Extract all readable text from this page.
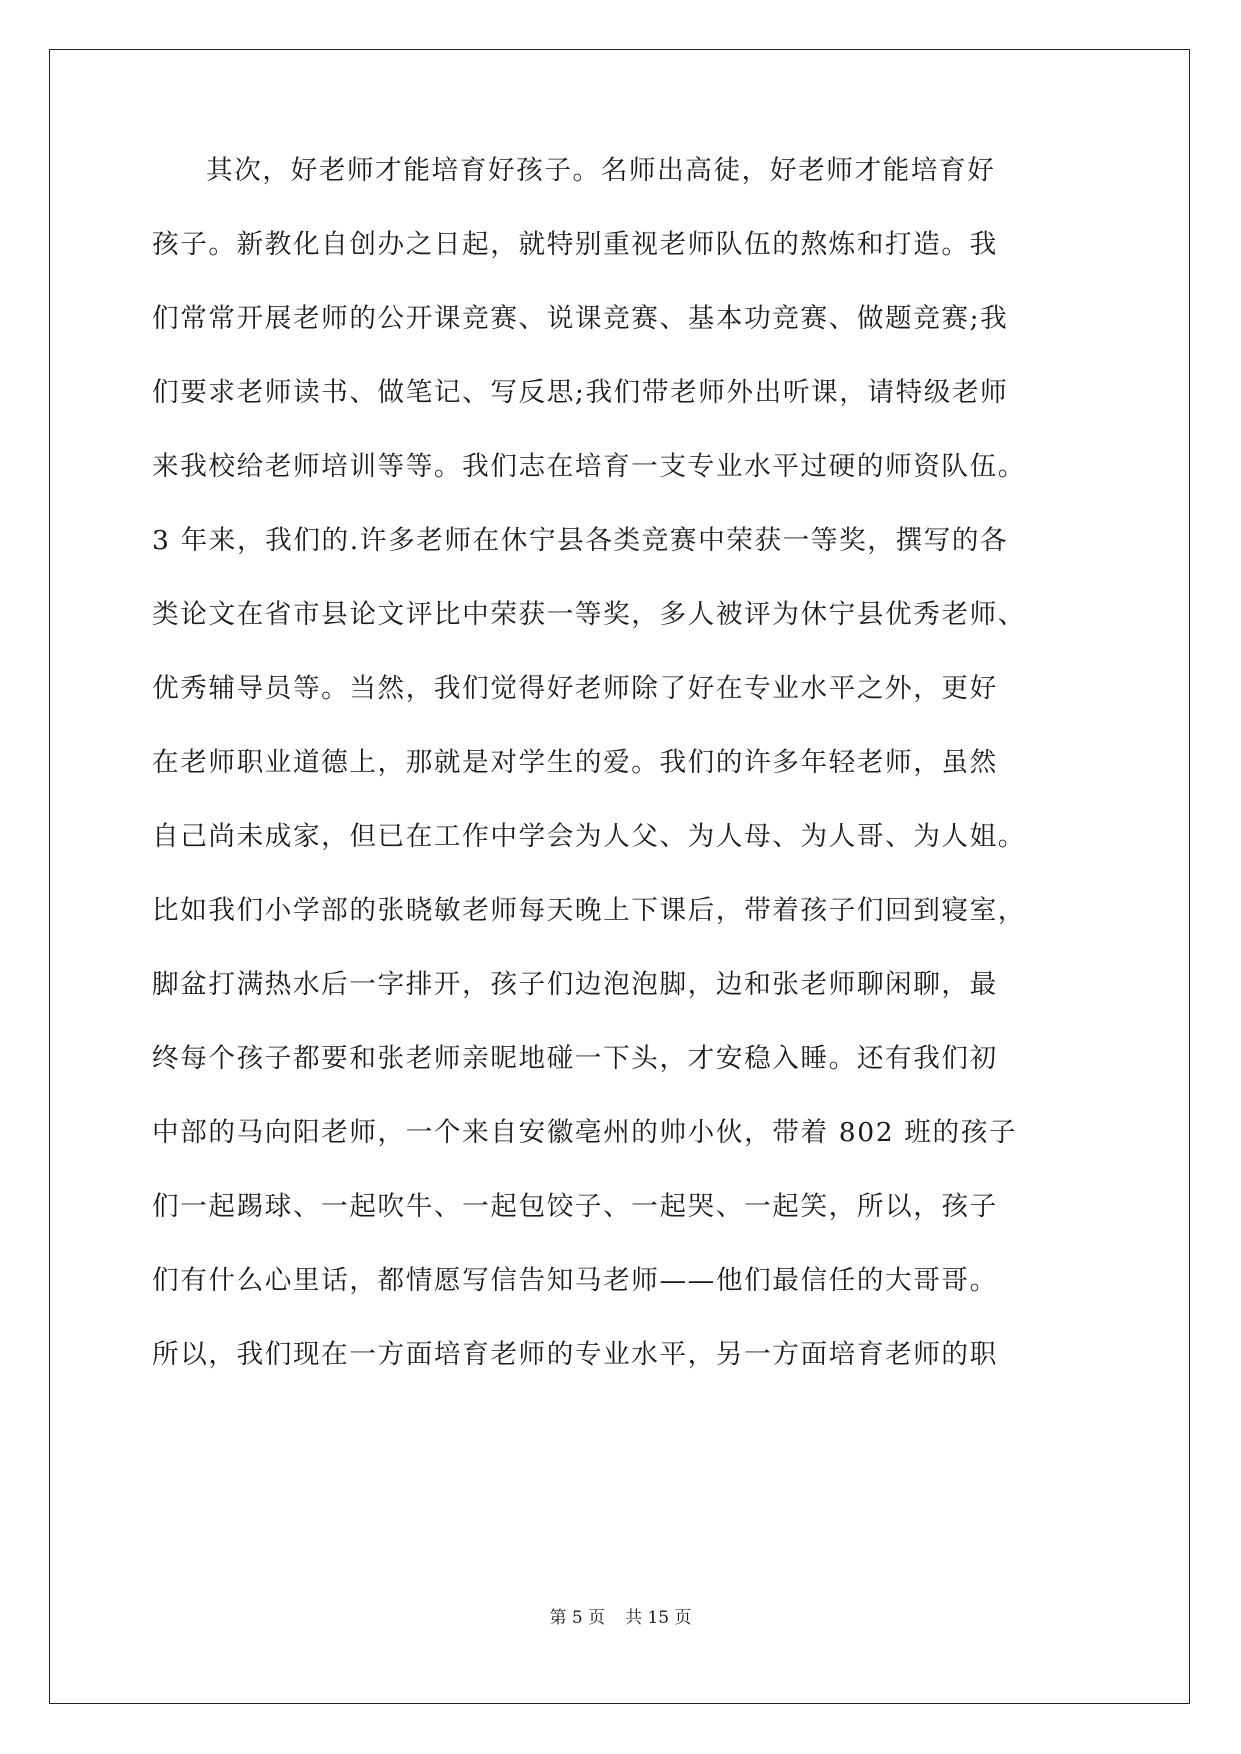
其次，好老师才能培育好孩子。名师出高徒，好老师才能培育好
孩子。新教化自创办之日起，就特别重视老师队伍的熬炼和打造。我
们常常开展老师的公开课竞赛、说课竞赛、基本功竞赛、做题竞赛;我
们要求老师读书、做笔记、写反思;我们带老师外出听课，请特级老师
来我校给老师培训等等。我们志在培育一支专业水平过硬的师资队伍。
3 年来，我们的.许多老师在休宁县各类竞赛中荣获一等奖，撰写的各
类论文在省市县论文评比中荣获一等奖，多人被评为休宁县优秀老师、
优秀辅导员等。当然，我们觉得好老师除了好在专业水平之外，更好
在老师职业道德上，那就是对学生的爱。我们的许多年轻老师，虽然
自己尚未成家，但已在工作中学会为人父、为人母、为人哥、为人姐。
比如我们小学部的张晓敏老师每天晚上下课后，带着孩子们回到寝室，
脚盆打满热水后一字排开，孩子们边泡泡脚，边和张老师聊闲聊，最
终每个孩子都要和张老师亲昵地碰一下头，才安稳入睡。还有我们初
中部的马向阳老师，一个来自安徽亳州的帅小伙，带着 802 班的孩子
们一起踢球、一起吹牛、一起包饺子、一起哭、一起笑，所以，孩子
们有什么心里话，都情愿写信告知马老师——他们最信任的大哥哥。
所以，我们现在一方面培育老师的专业水平，另一方面培育老师的职
第 5 页 共 15 页
